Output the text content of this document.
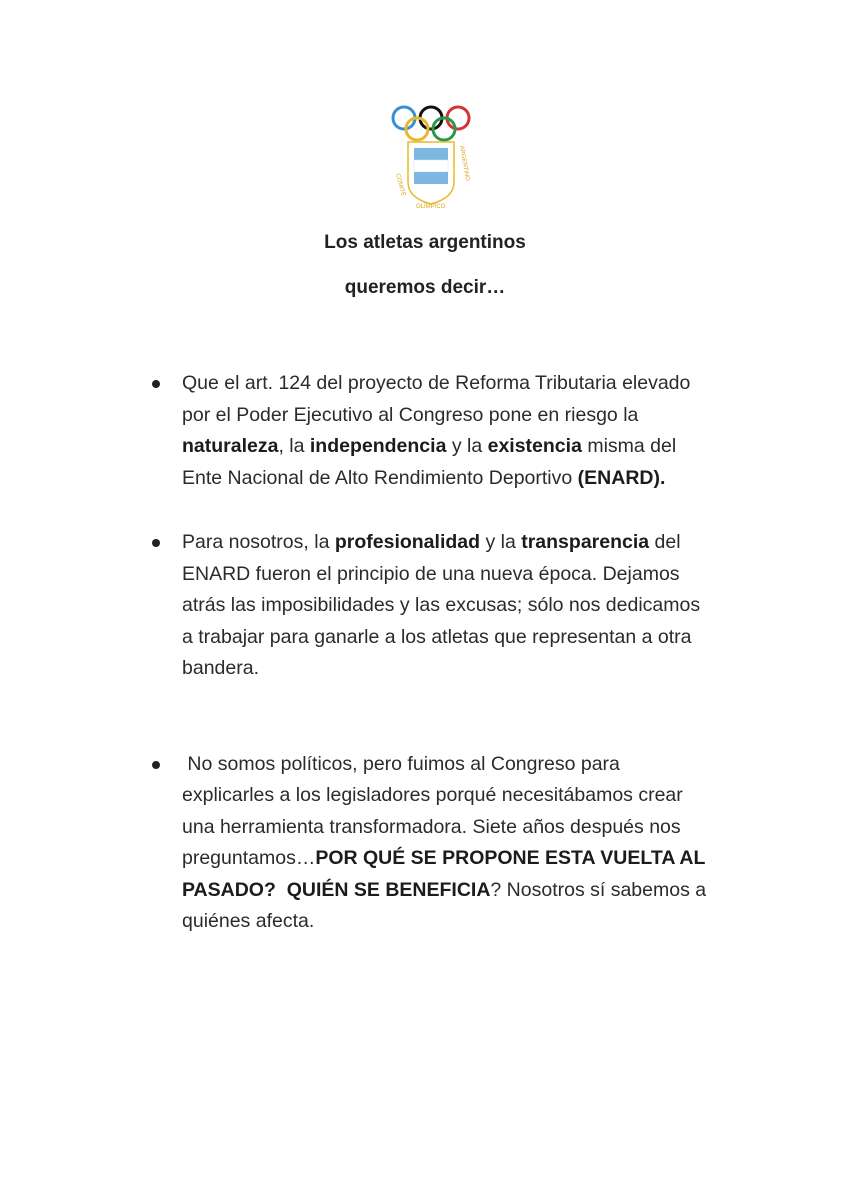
COMITÉ
ARGENTINO
OLÍMPICO
Los atletas argentinos
queremos decir…
Que el art. 124 del proyecto de Reforma Tributaria elevado
por el Poder Ejecutivo al Congreso pone en riesgo la
naturaleza, la independencia y la existencia misma del
Ente Nacional de Alto Rendimiento Deportivo (ENARD).
Para nosotros, la profesionalidad y la transparencia del
ENARD fueron el principio de una nueva época. Dejamos
atrás las imposibilidades y las excusas; sólo nos dedicamos
a trabajar para ganarle a los atletas que representan a otra
bandera.
No somos políticos, pero fuimos al Congreso para
explicarles a los legisladores porqué necesitábamos crear
una herramienta transformadora. Siete años después nos
preguntamos…POR QUÉ SE PROPONE ESTA VUELTA AL
PASADO?  QUIÉN SE BENEFICIA? Nosotros sí sabemos a
quiénes afecta.
